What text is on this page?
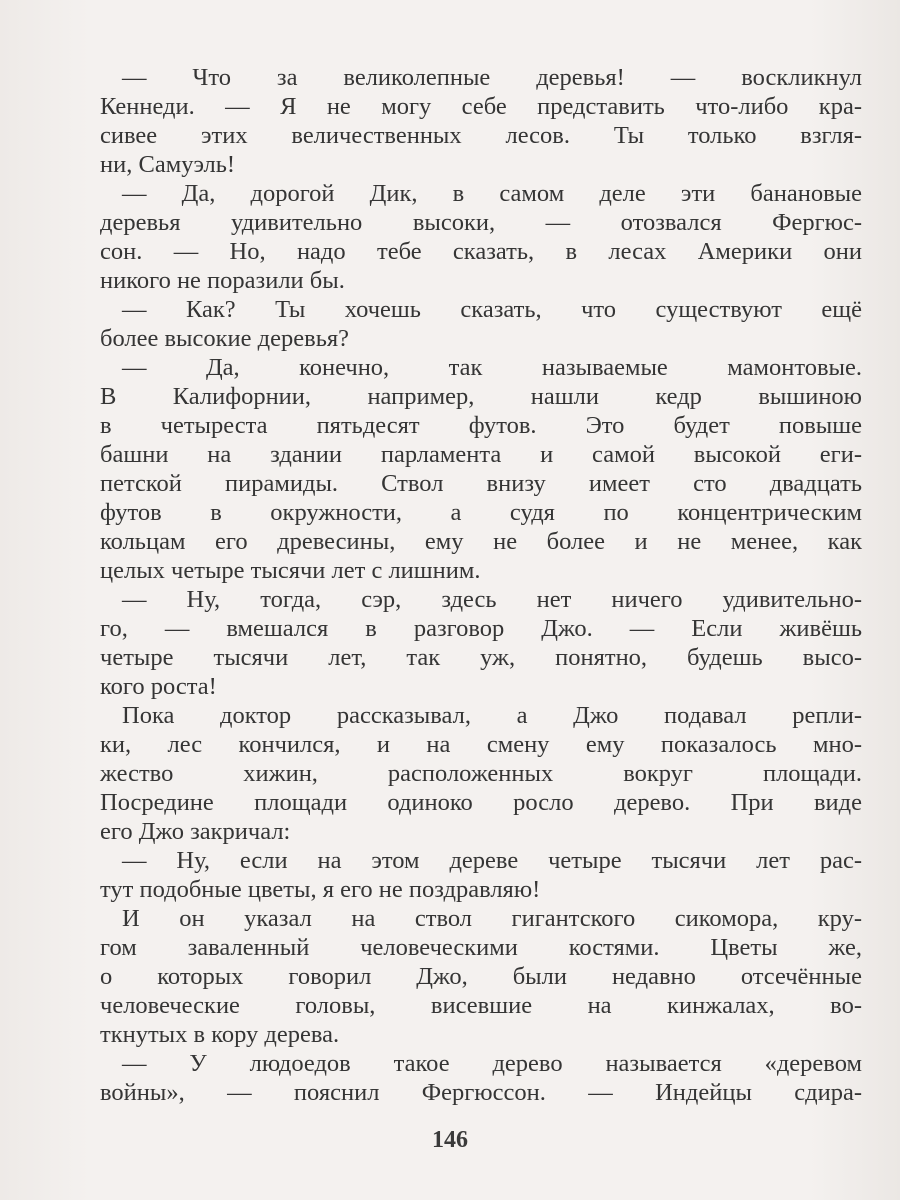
— Что за великолепные деревья! — воскликнул
Кеннеди. — Я не могу себе представить что-либо кра-
сивее этих величественных лесов. Ты только взгля-
ни, Самуэль!
— Да, дорогой Дик, в самом деле эти банановые
деревья удивительно высоки, — отозвался Фергюс-
сон. — Но, надо тебе сказать, в лесах Америки они
никого не поразили бы.
— Как? Ты хочешь сказать, что существуют ещё
более высокие деревья?
— Да, конечно, так называемые мамонтовые.
В Калифорнии, например, нашли кедр вышиною
в четыреста пятьдесят футов. Это будет повыше
башни на здании парламента и самой высокой еги-
петской пирамиды. Ствол внизу имеет сто двадцать
футов в окружности, а судя по концентрическим
кольцам его древесины, ему не более и не менее, как
целых четыре тысячи лет с лишним.
— Ну, тогда, сэр, здесь нет ничего удивительно-
го, — вмешался в разговор Джо. — Если живёшь
четыре тысячи лет, так уж, понятно, будешь высо-
кого роста!
Пока доктор рассказывал, а Джо подавал репли-
ки, лес кончился, и на смену ему показалось мно-
жество хижин, расположенных вокруг площади.
Посредине площади одиноко росло дерево. При виде
его Джо закричал:
— Ну, если на этом дереве четыре тысячи лет рас-
тут подобные цветы, я его не поздравляю!
И он указал на ствол гигантского сикомора, кру-
гом заваленный человеческими костями. Цветы же,
о которых говорил Джо, были недавно отсечённые
человеческие головы, висевшие на кинжалах, во-
ткнутых в кору дерева.
— У людоедов такое дерево называется «деревом
войны», — пояснил Фергюссон. — Индейцы сдира-
146
